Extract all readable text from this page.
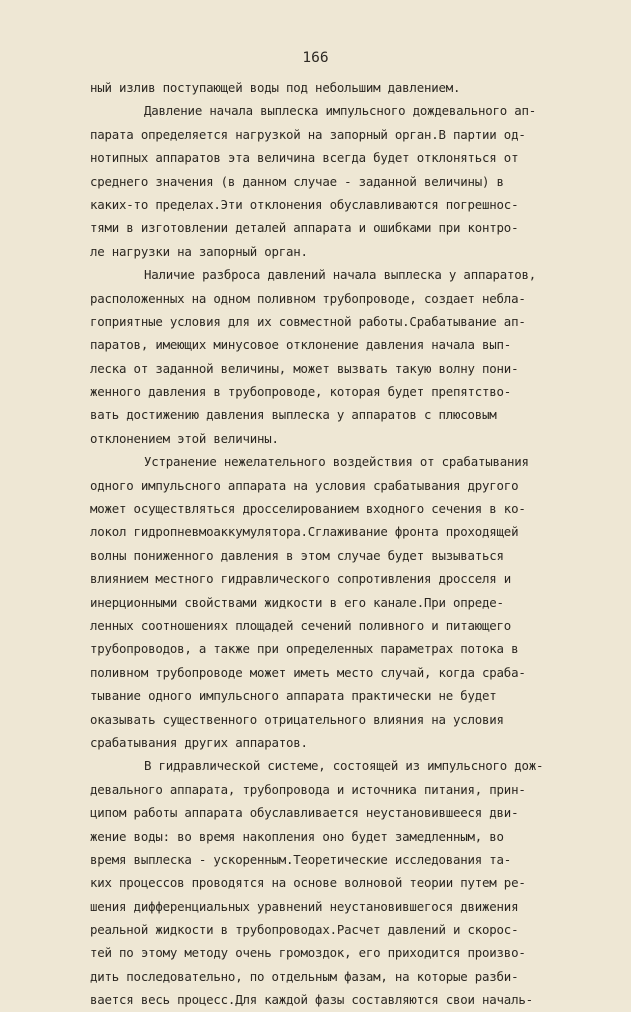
166
ный излив поступающей воды под небольшим давлением.
Давление начала выплеска импульсного дождевального ап-
парата определяется нагрузкой на запорный орган.В партии од-
нотипных аппаратов эта величина всегда будет отклоняться от
среднего значения (в данном случае - заданной величины) в
каких-то пределах.Эти отклонения обуславливаются погрешнос-
тями в изготовлении деталей аппарата и ошибками при контро-
ле нагрузки на запорный орган.
Наличие разброса давлений начала выплеска у аппаратов,
расположенных на одном поливном трубопроводе, создает небла-
гоприятные условия для их совместной работы.Срабатывание ап-
паратов, имеющих минусовое отклонение давления начала вып-
леска от заданной величины, может вызвать такую волну пони-
женного давления в трубопроводе, которая будет препятство-
вать достижению давления выплеска у аппаратов с плюсовым
отклонением этой величины.
Устранение нежелательного воздействия от срабатывания
одного импульсного аппарата на условия срабатывания другого
может осуществляться дросселированием входного сечения в ко-
локол гидропневмоаккумулятора.Сглаживание фронта проходящей
волны пониженного давления в этом случае будет вызываться
влиянием местного гидравлического сопротивления дросселя и
инерционными свойствами жидкости в его канале.При опреде-
ленных соотношениях площадей сечений поливного и питающего
трубопроводов, а также при определенных параметрах потока в
поливном трубопроводе может иметь место случай, когда сраба-
тывание одного импульсного аппарата практически не будет
оказывать существенного отрицательного влияния на условия
срабатывания других аппаратов.
В гидравлической системе, состоящей из импульсного дож-
девального аппарата, трубопровода и источника питания, прин-
ципом работы аппарата обуславливается неустановившееся дви-
жение воды: во время накопления оно будет замедленным, во
время выплеска - ускоренным.Теоретические исследования та-
ких процессов проводятся на основе волновой теории путем ре-
шения дифференциальных уравнений неустановившегося движения
реальной жидкости в трубопроводах.Расчет давлений и скорос-
тей по этому методу очень громоздок, его приходится произво-
дить последовательно, по отдельным фазам, на которые разби-
вается весь процесс.Для каждой фазы составляются свои началь-
